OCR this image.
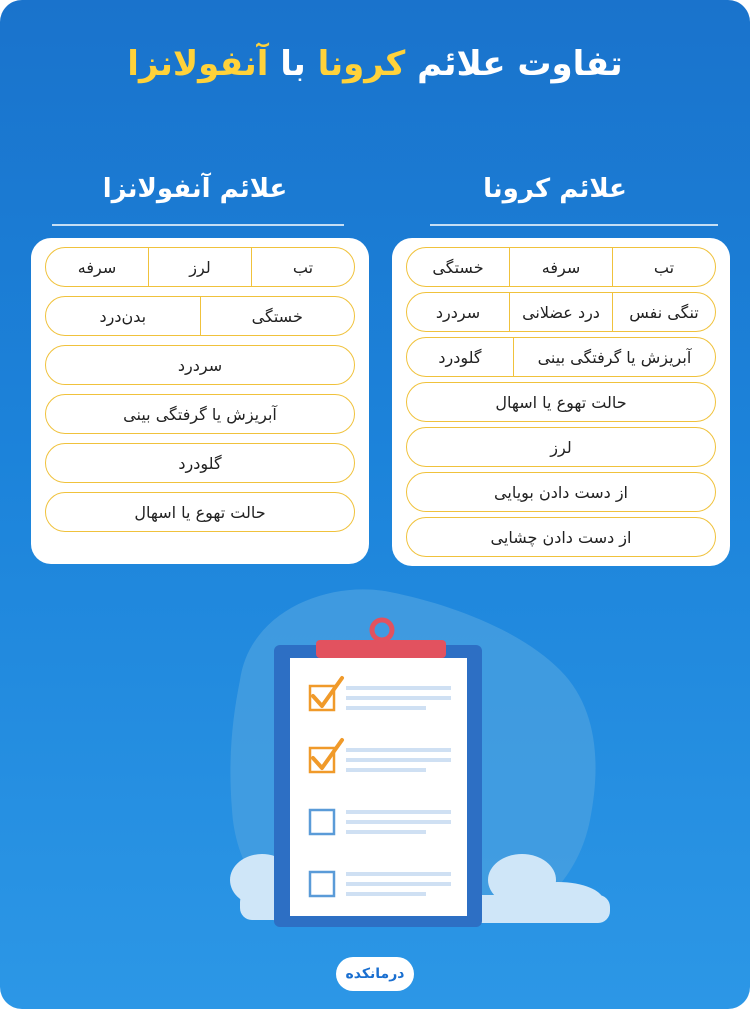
تفاوت علائم کرونا با آنفولانزا
علائم کرونا
تب
سرفه
خستگی
تنگی نفس
درد عضلانی
سردرد
آبریزش یا گرفتگی بینی
گلودرد
حالت تهوع یا اسهال
لرز
از دست دادن بویایی
از دست دادن چشایی
علائم آنفولانزا
تب
لرز
سرفه
خستگی
بدن‌درد
سردرد
آبریزش یا گرفتگی بینی
گلودرد
حالت تهوع یا اسهال
درمانکده
